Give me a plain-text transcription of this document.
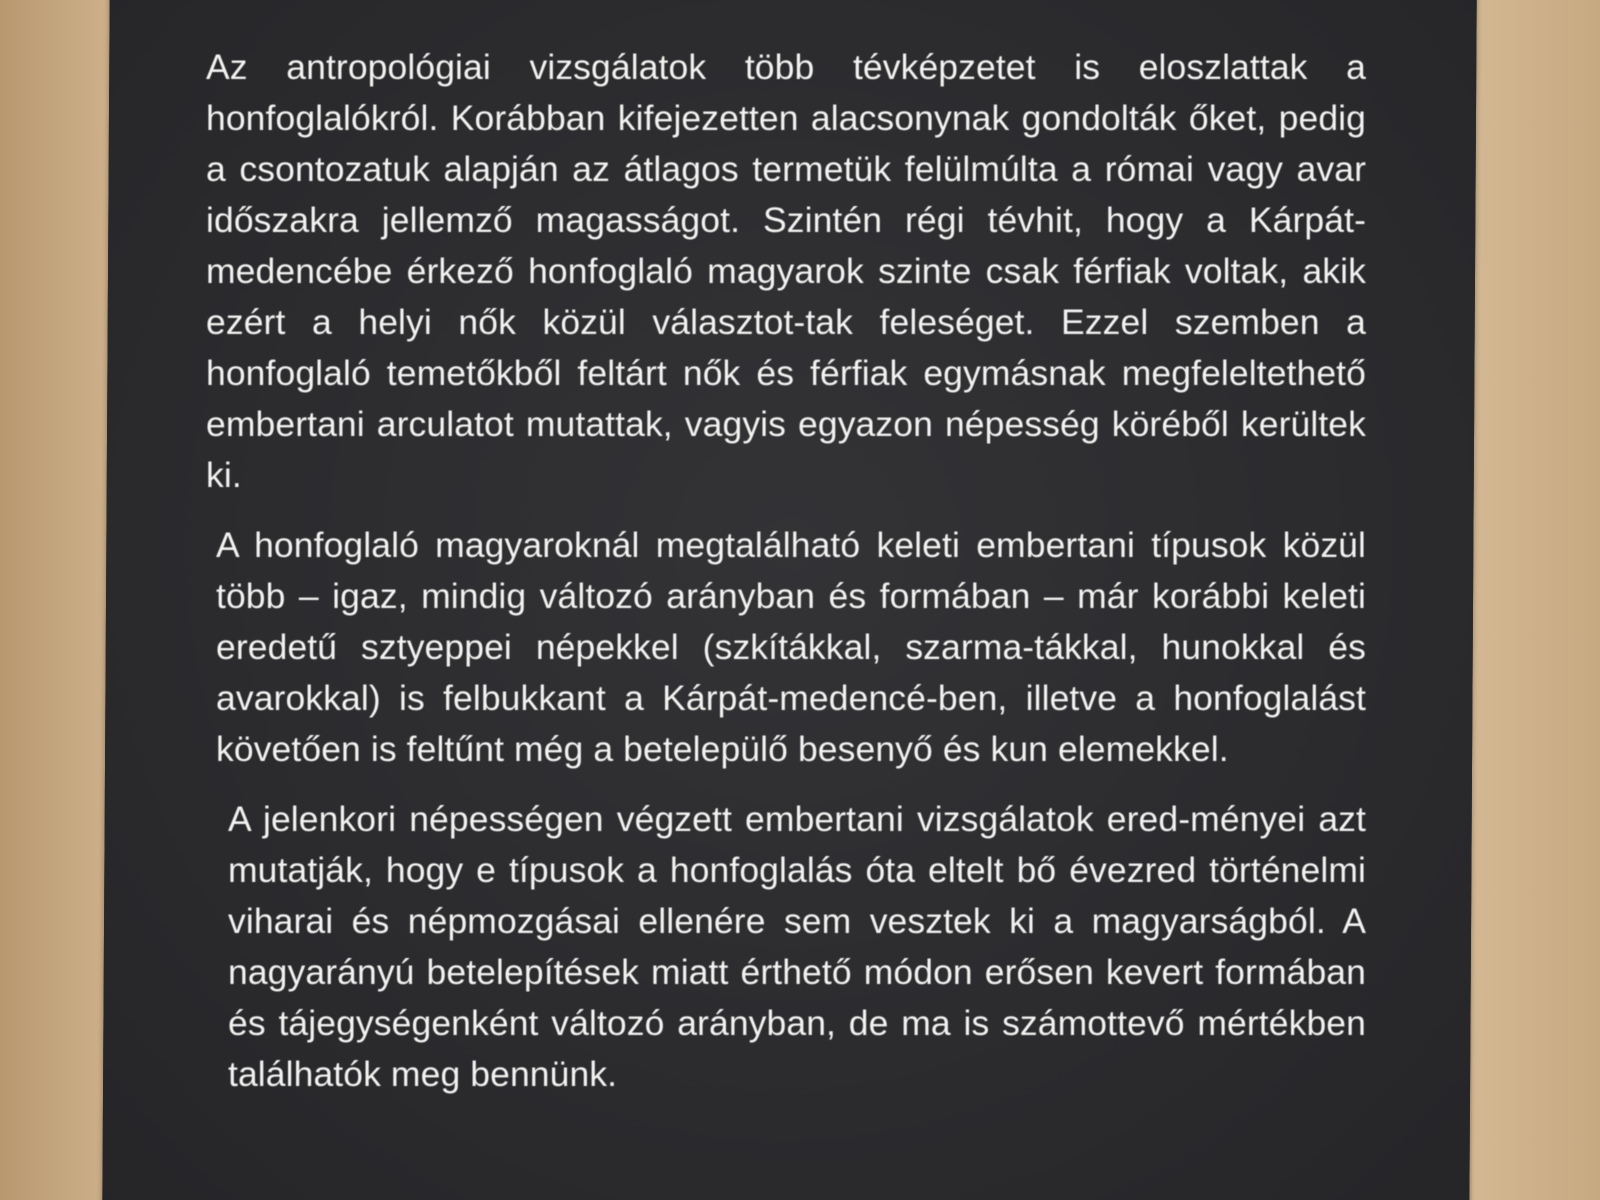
Az antropológiai vizsgálatok több tévképzetet is eloszlattak a honfoglalókról. Korábban kifejezetten alacsonynak gondolták őket, pedig a csontozatuk alapján az átlagos termetük felülmúlta a római vagy avar időszakra jellemző magasságot. Szintén régi tévhit, hogy a Kárpát-medencébe érkező honfoglaló magyarok szinte csak férfiak voltak, akik ezért a helyi nők közül választot-tak feleséget. Ezzel szemben a honfoglaló temetőkből feltárt nők és férfiak egymásnak megfeleltethető embertani arculatot mutattak, vagyis egyazon népesség köréből kerültek ki.

A honfoglaló magyaroknál megtalálható keleti embertani típusok közül több – igaz, mindig változó arányban és formában – már korábbi keleti eredetű sztyeppei népekkel (szkítákkal, szarma-tákkal, hunokkal és avarokkal) is felbukkant a Kárpát-medencé-ben, illetve a honfoglalást követően is feltűnt még a betelepülő besenyő és kun elemekkel.

A jelenkori népességen végzett embertani vizsgálatok ered-ményei azt mutatják, hogy e típusok a honfoglalás óta eltelt bő évezred történelmi viharai és népmozgásai ellenére sem vesztek ki a magyarságból. A nagyarányú betelepítések miatt érthető módon erősen kevert formában és tájegységenként változó arányban, de ma is számottevő mértékben találhatók meg bennünk.
